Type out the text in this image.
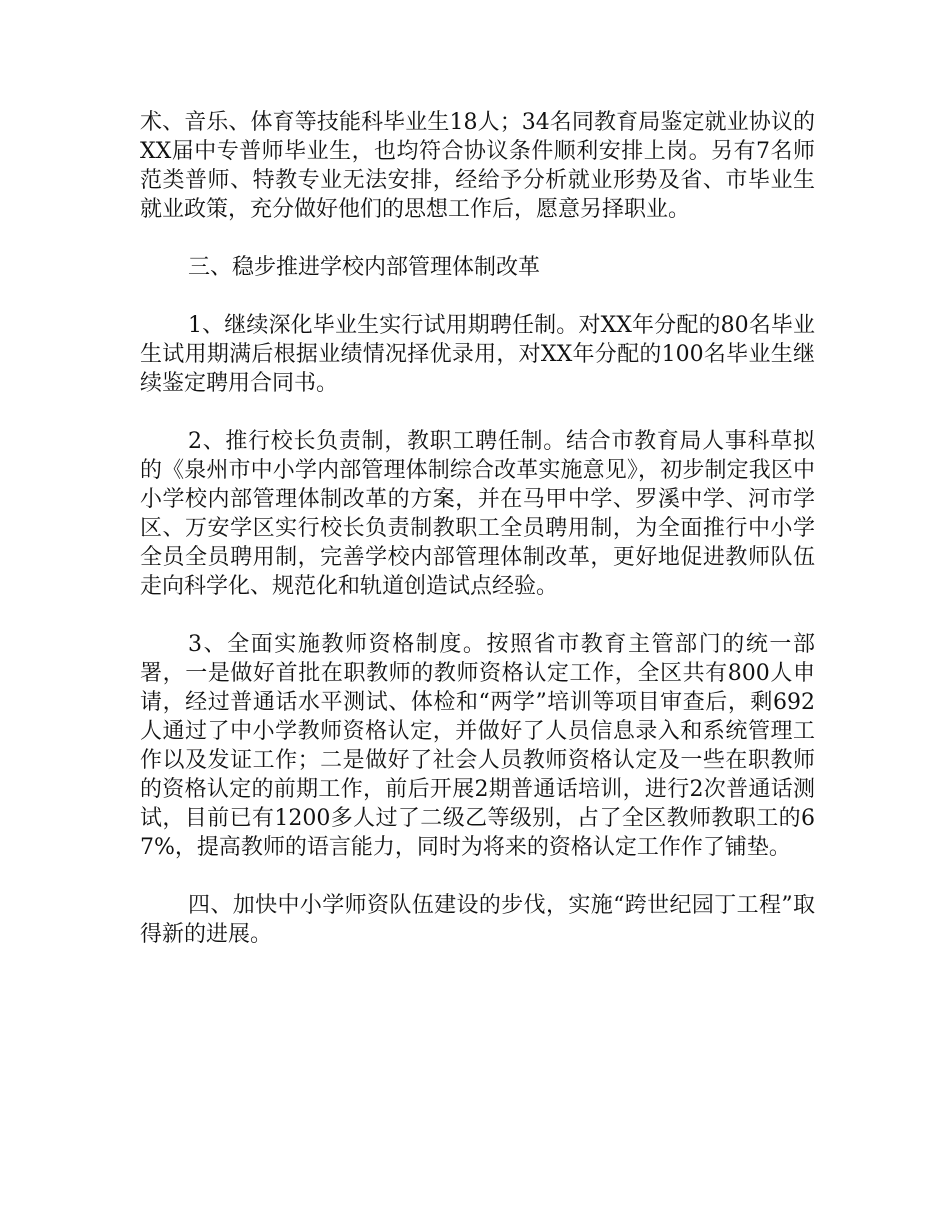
术、音乐、体育等技能科毕业生18人；34名同教育局鉴定就业协议的XX届中专普师毕业生，也均符合协议条件顺利安排上岗。另有7名师范类普师、特教专业无法安排，经给予分析就业形势及省、市毕业生就业政策，充分做好他们的思想工作后，愿意另择职业。

三、稳步推进学校内部管理体制改革

1、继续深化毕业生实行试用期聘任制。对XX年分配的80名毕业生试用期满后根据业绩情况择优录用，对XX年分配的100名毕业生继续鉴定聘用合同书。

2、推行校长负责制，教职工聘任制。结合市教育局人事科草拟的《泉州市中小学内部管理体制综合改革实施意见》，初步制定我区中小学校内部管理体制改革的方案，并在马甲中学、罗溪中学、河市学区、万安学区实行校长负责制教职工全员聘用制，为全面推行中小学全员全员聘用制，完善学校内部管理体制改革，更好地促进教师队伍走向科学化、规范化和轨道创造试点经验。

3、全面实施教师资格制度。按照省市教育主管部门的统一部署，一是做好首批在职教师的教师资格认定工作，全区共有800人申请，经过普通话水平测试、体检和“两学”培训等项目审查后，剩692人通过了中小学教师资格认定，并做好了人员信息录入和系统管理工作以及发证工作；二是做好了社会人员教师资格认定及一些在职教师的资格认定的前期工作，前后开展2期普通话培训，进行2次普通话测试，目前已有1200多人过了二级乙等级别，占了全区教师教职工的67%，提高教师的语言能力，同时为将来的资格认定工作作了铺垫。

四、加快中小学师资队伍建设的步伐，实施“跨世纪园丁工程”取得新的进展。
